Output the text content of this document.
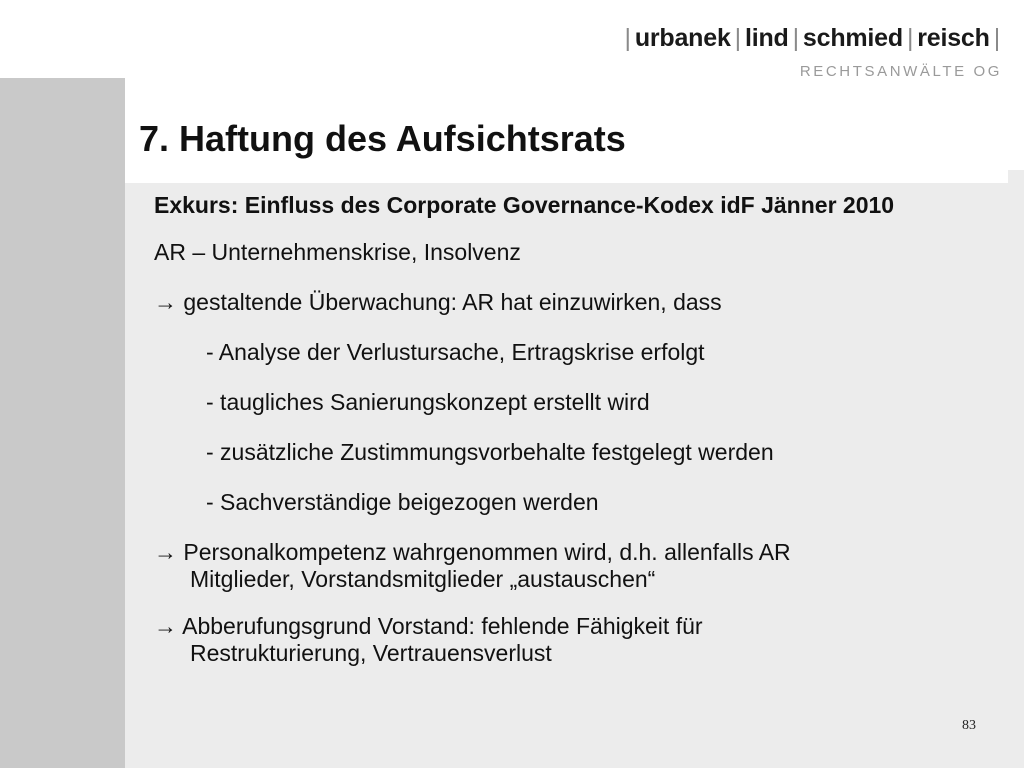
| urbanek | lind | schmied | reisch |
RECHTSANWÄLTE OG
7. Haftung des Aufsichtsrats
Exkurs: Einfluss des Corporate Governance-Kodex idF Jänner 2010
AR – Unternehmenskrise, Insolvenz
→ gestaltende Überwachung: AR hat einzuwirken, dass
- Analyse der Verlustursache, Ertragskrise erfolgt
- taugliches Sanierungskonzept erstellt wird
- zusätzliche Zustimmungsvorbehalte festgelegt werden
- Sachverständige beigezogen werden
→ Personalkompetenz wahrgenommen wird, d.h. allenfalls AR
Mitglieder, Vorstandsmitglieder „austauschen“
→ Abberufungsgrund Vorstand: fehlende Fähigkeit für
Restrukturierung, Vertrauensverlust
83
